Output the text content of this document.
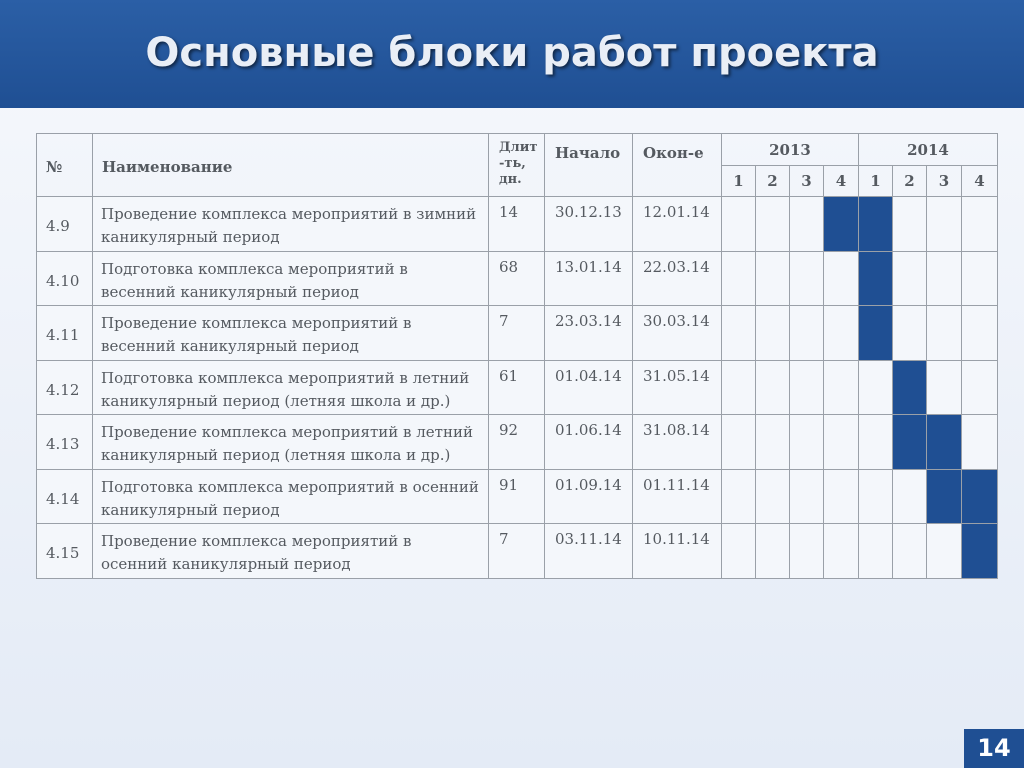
Основные блоки работ проекта
№	Наименование	Длит -ть, дн.	Начало	Окон-е	2013				2014			
					1	2	3	4	1	2	3	4
4.9	Проведение комплекса мероприятий в зимний каникулярный период	14	30.12.13	12.01.14								
4.10	Подготовка комплекса мероприятий в весенний каникулярный период	68	13.01.14	22.03.14								
4.11	Проведение комплекса мероприятий в весенний каникулярный период	7	23.03.14	30.03.14								
4.12	Подготовка комплекса мероприятий в летний каникулярный период (летняя школа и др.)	61	01.04.14	31.05.14								
4.13	Проведение комплекса мероприятий в летний каникулярный период (летняя школа и др.)	92	01.06.14	31.08.14								
4.14	Подготовка комплекса мероприятий в осенний каникулярный период	91	01.09.14	01.11.14								
4.15	Проведение комплекса мероприятий в осенний каникулярный период	7	03.11.14	10.11.14								
14
